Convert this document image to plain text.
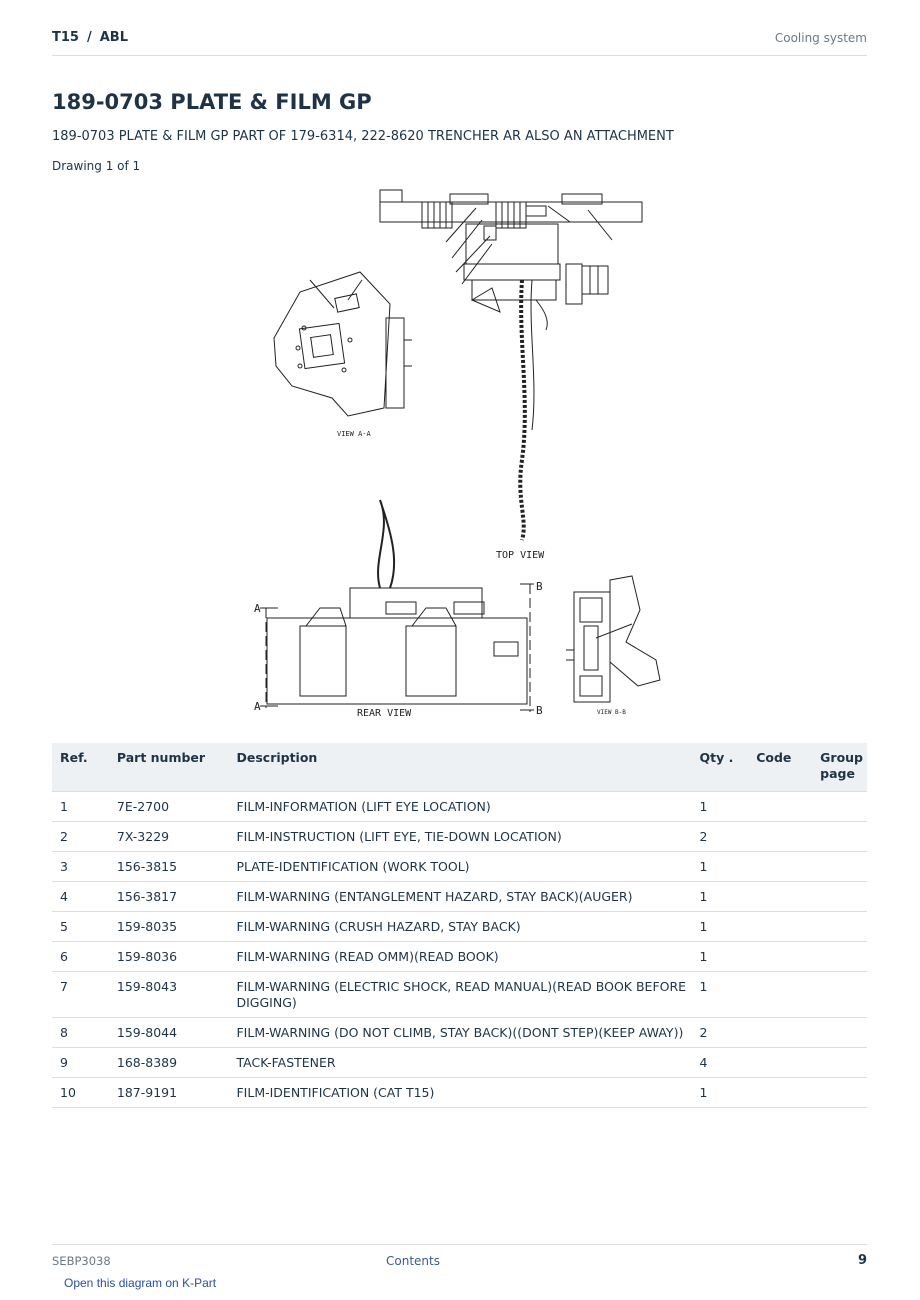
T15 / ABL	Cooling system
189-0703 PLATE & FILM GP
189-0703 PLATE & FILM GP PART OF 179-6314, 222-8620 TRENCHER AR ALSO AN ATTACHMENT
Drawing 1 of 1
VIEW A-A
TOP VIEW
REAR VIEW	VIEW B-B
A
A
B
B
Ref.	Part number	Description	Qty .	Code	Group page
1	7E-2700	FILM-INFORMATION (LIFT EYE LOCATION)	1		
2	7X-3229	FILM-INSTRUCTION (LIFT EYE, TIE-DOWN LOCATION)	2		
3	156-3815	PLATE-IDENTIFICATION (WORK TOOL)	1		
4	156-3817	FILM-WARNING (ENTANGLEMENT HAZARD, STAY BACK)(AUGER)	1		
5	159-8035	FILM-WARNING (CRUSH HAZARD, STAY BACK)	1		
6	159-8036	FILM-WARNING (READ OMM)(READ BOOK)	1		
7	159-8043	FILM-WARNING (ELECTRIC SHOCK, READ MANUAL)(READ BOOK BEFORE DIGGING)	1		
8	159-8044	FILM-WARNING (DO NOT CLIMB, STAY BACK)((DONT STEP)(KEEP AWAY))	2		
9	168-8389	TACK-FASTENER	4		
10	187-9191	FILM-IDENTIFICATION (CAT T15)	1		
SEBP3038	Contents	9
Open this diagram on K-Part
